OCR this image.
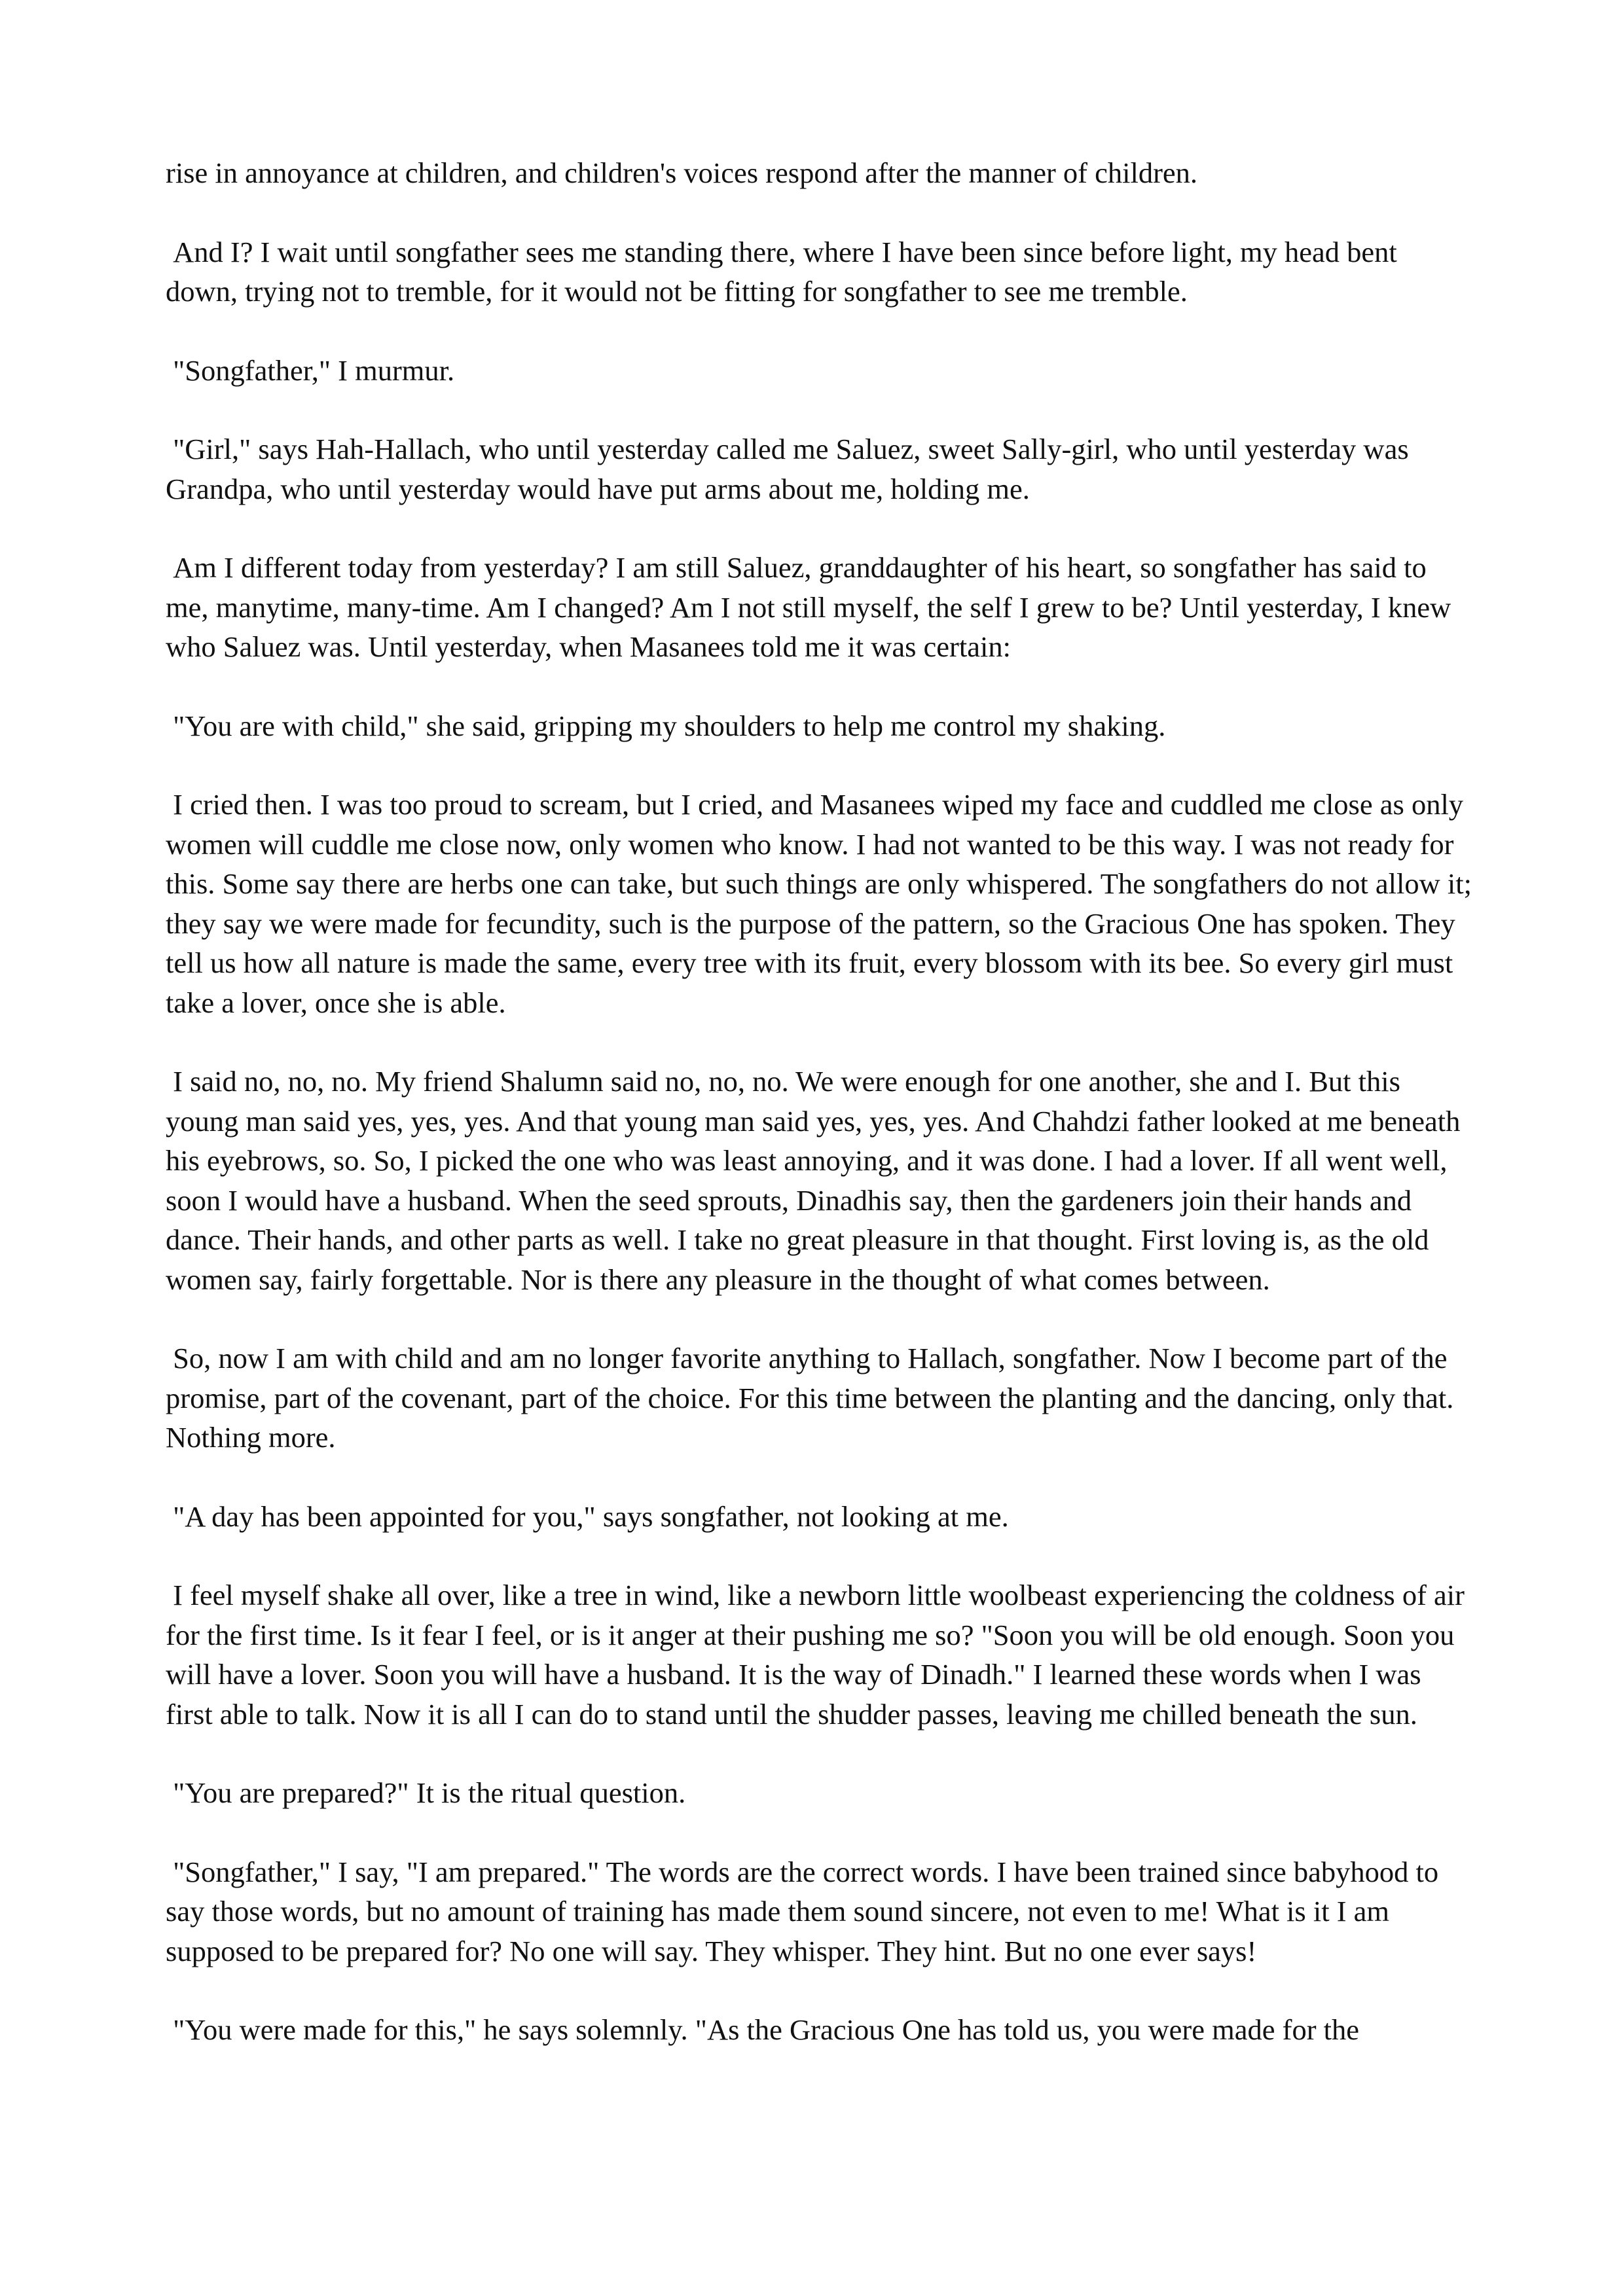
rise in annoyance at children, and children's voices respond after the manner of children.

And I? I wait until songfather sees me standing there, where I have been since before light, my head bent down, trying not to tremble, for it would not be fitting for songfather to see me tremble.

"Songfather," I murmur.

"Girl," says Hah-Hallach, who until yesterday called me Saluez, sweet Sally-girl, who until yesterday was Grandpa, who until yesterday would have put arms about me, holding me.

Am I different today from yesterday? I am still Saluez, granddaughter of his heart, so songfather has said to me, manytime, many-time. Am I changed? Am I not still myself, the self I grew to be? Until yesterday, I knew who Saluez was. Until yesterday, when Masanees told me it was certain:

"You are with child," she said, gripping my shoulders to help me control my shaking.

I cried then. I was too proud to scream, but I cried, and Masanees wiped my face and cuddled me close as only women will cuddle me close now, only women who know. I had not wanted to be this way. I was not ready for this. Some say there are herbs one can take, but such things are only whispered. The songfathers do not allow it; they say we were made for fecundity, such is the purpose of the pattern, so the Gracious One has spoken. They tell us how all nature is made the same, every tree with its fruit, every blossom with its bee. So every girl must take a lover, once she is able.

I said no, no, no. My friend Shalumn said no, no, no. We were enough for one another, she and I. But this young man said yes, yes, yes. And that young man said yes, yes, yes. And Chahdzi father looked at me beneath his eyebrows, so. So, I picked the one who was least annoying, and it was done. I had a lover. If all went well, soon I would have a husband. When the seed sprouts, Dinadhis say, then the gardeners join their hands and dance. Their hands, and other parts as well. I take no great pleasure in that thought. First loving is, as the old women say, fairly forgettable. Nor is there any pleasure in the thought of what comes between.

So, now I am with child and am no longer favorite anything to Hallach, songfather. Now I become part of the promise, part of the covenant, part of the choice. For this time between the planting and the dancing, only that. Nothing more.

"A day has been appointed for you," says songfather, not looking at me.

I feel myself shake all over, like a tree in wind, like a newborn little woolbeast experiencing the coldness of air for the first time. Is it fear I feel, or is it anger at their pushing me so? "Soon you will be old enough. Soon you will have a lover. Soon you will have a husband. It is the way of Dinadh." I learned these words when I was first able to talk. Now it is all I can do to stand until the shudder passes, leaving me chilled beneath the sun.

"You are prepared?" It is the ritual question.

"Songfather," I say, "I am prepared." The words are the correct words. I have been trained since babyhood to say those words, but no amount of training has made them sound sincere, not even to me! What is it I am supposed to be prepared for? No one will say. They whisper. They hint. But no one ever says!

"You were made for this," he says solemnly. "As the Gracious One has told us, you were made for the
